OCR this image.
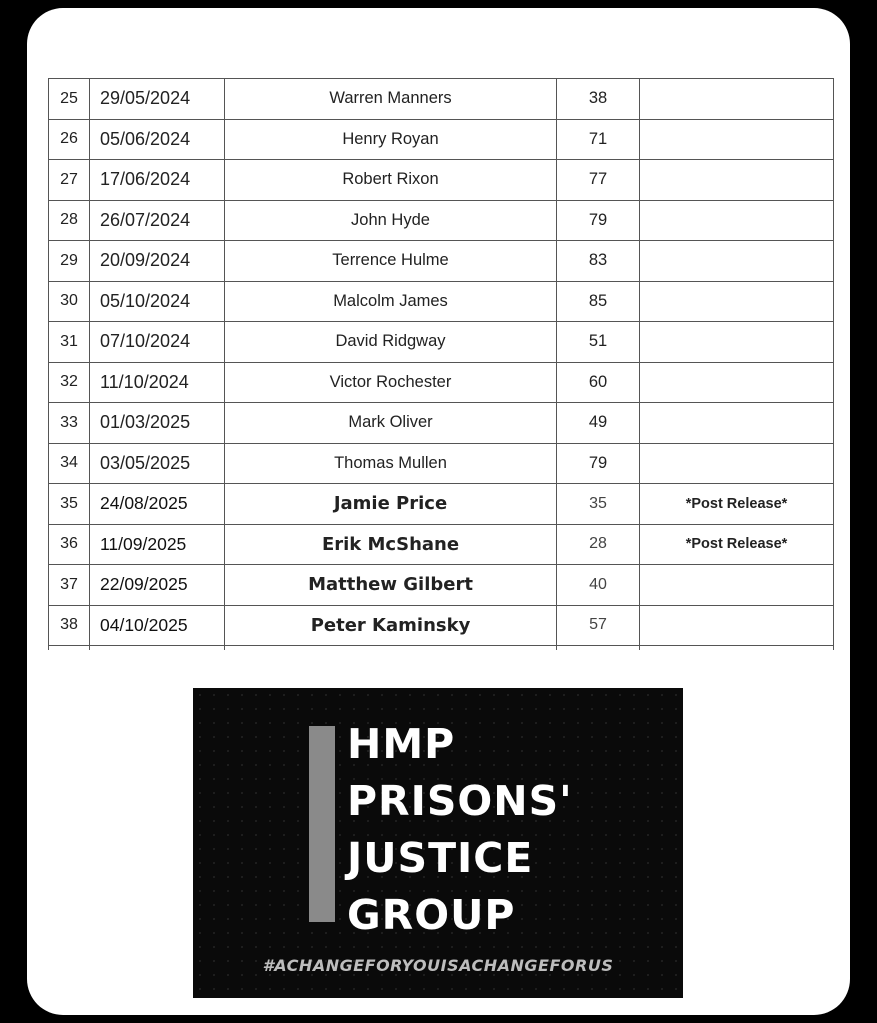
25	29/05/2024	Warren Manners	38	
26	05/06/2024	Henry Royan	71	
27	17/06/2024	Robert Rixon	77	
28	26/07/2024	John Hyde	79	
29	20/09/2024	Terrence Hulme	83	
30	05/10/2024	Malcolm James	85	
31	07/10/2024	David Ridgway	51	
32	11/10/2024	Victor Rochester	60	
33	01/03/2025	Mark Oliver	49	
34	03/05/2025	Thomas Mullen	79	
35	24/08/2025	Jamie Price	35	*Post Release*
36	11/09/2025	Erik McShane	28	*Post Release*
37	22/09/2025	Matthew Gilbert	40	
38	04/10/2025	Peter Kaminsky	57	

HMP
PRISONS'
JUSTICE
GROUP
#ACHANGEFORYOUISACHANGEFORUS
